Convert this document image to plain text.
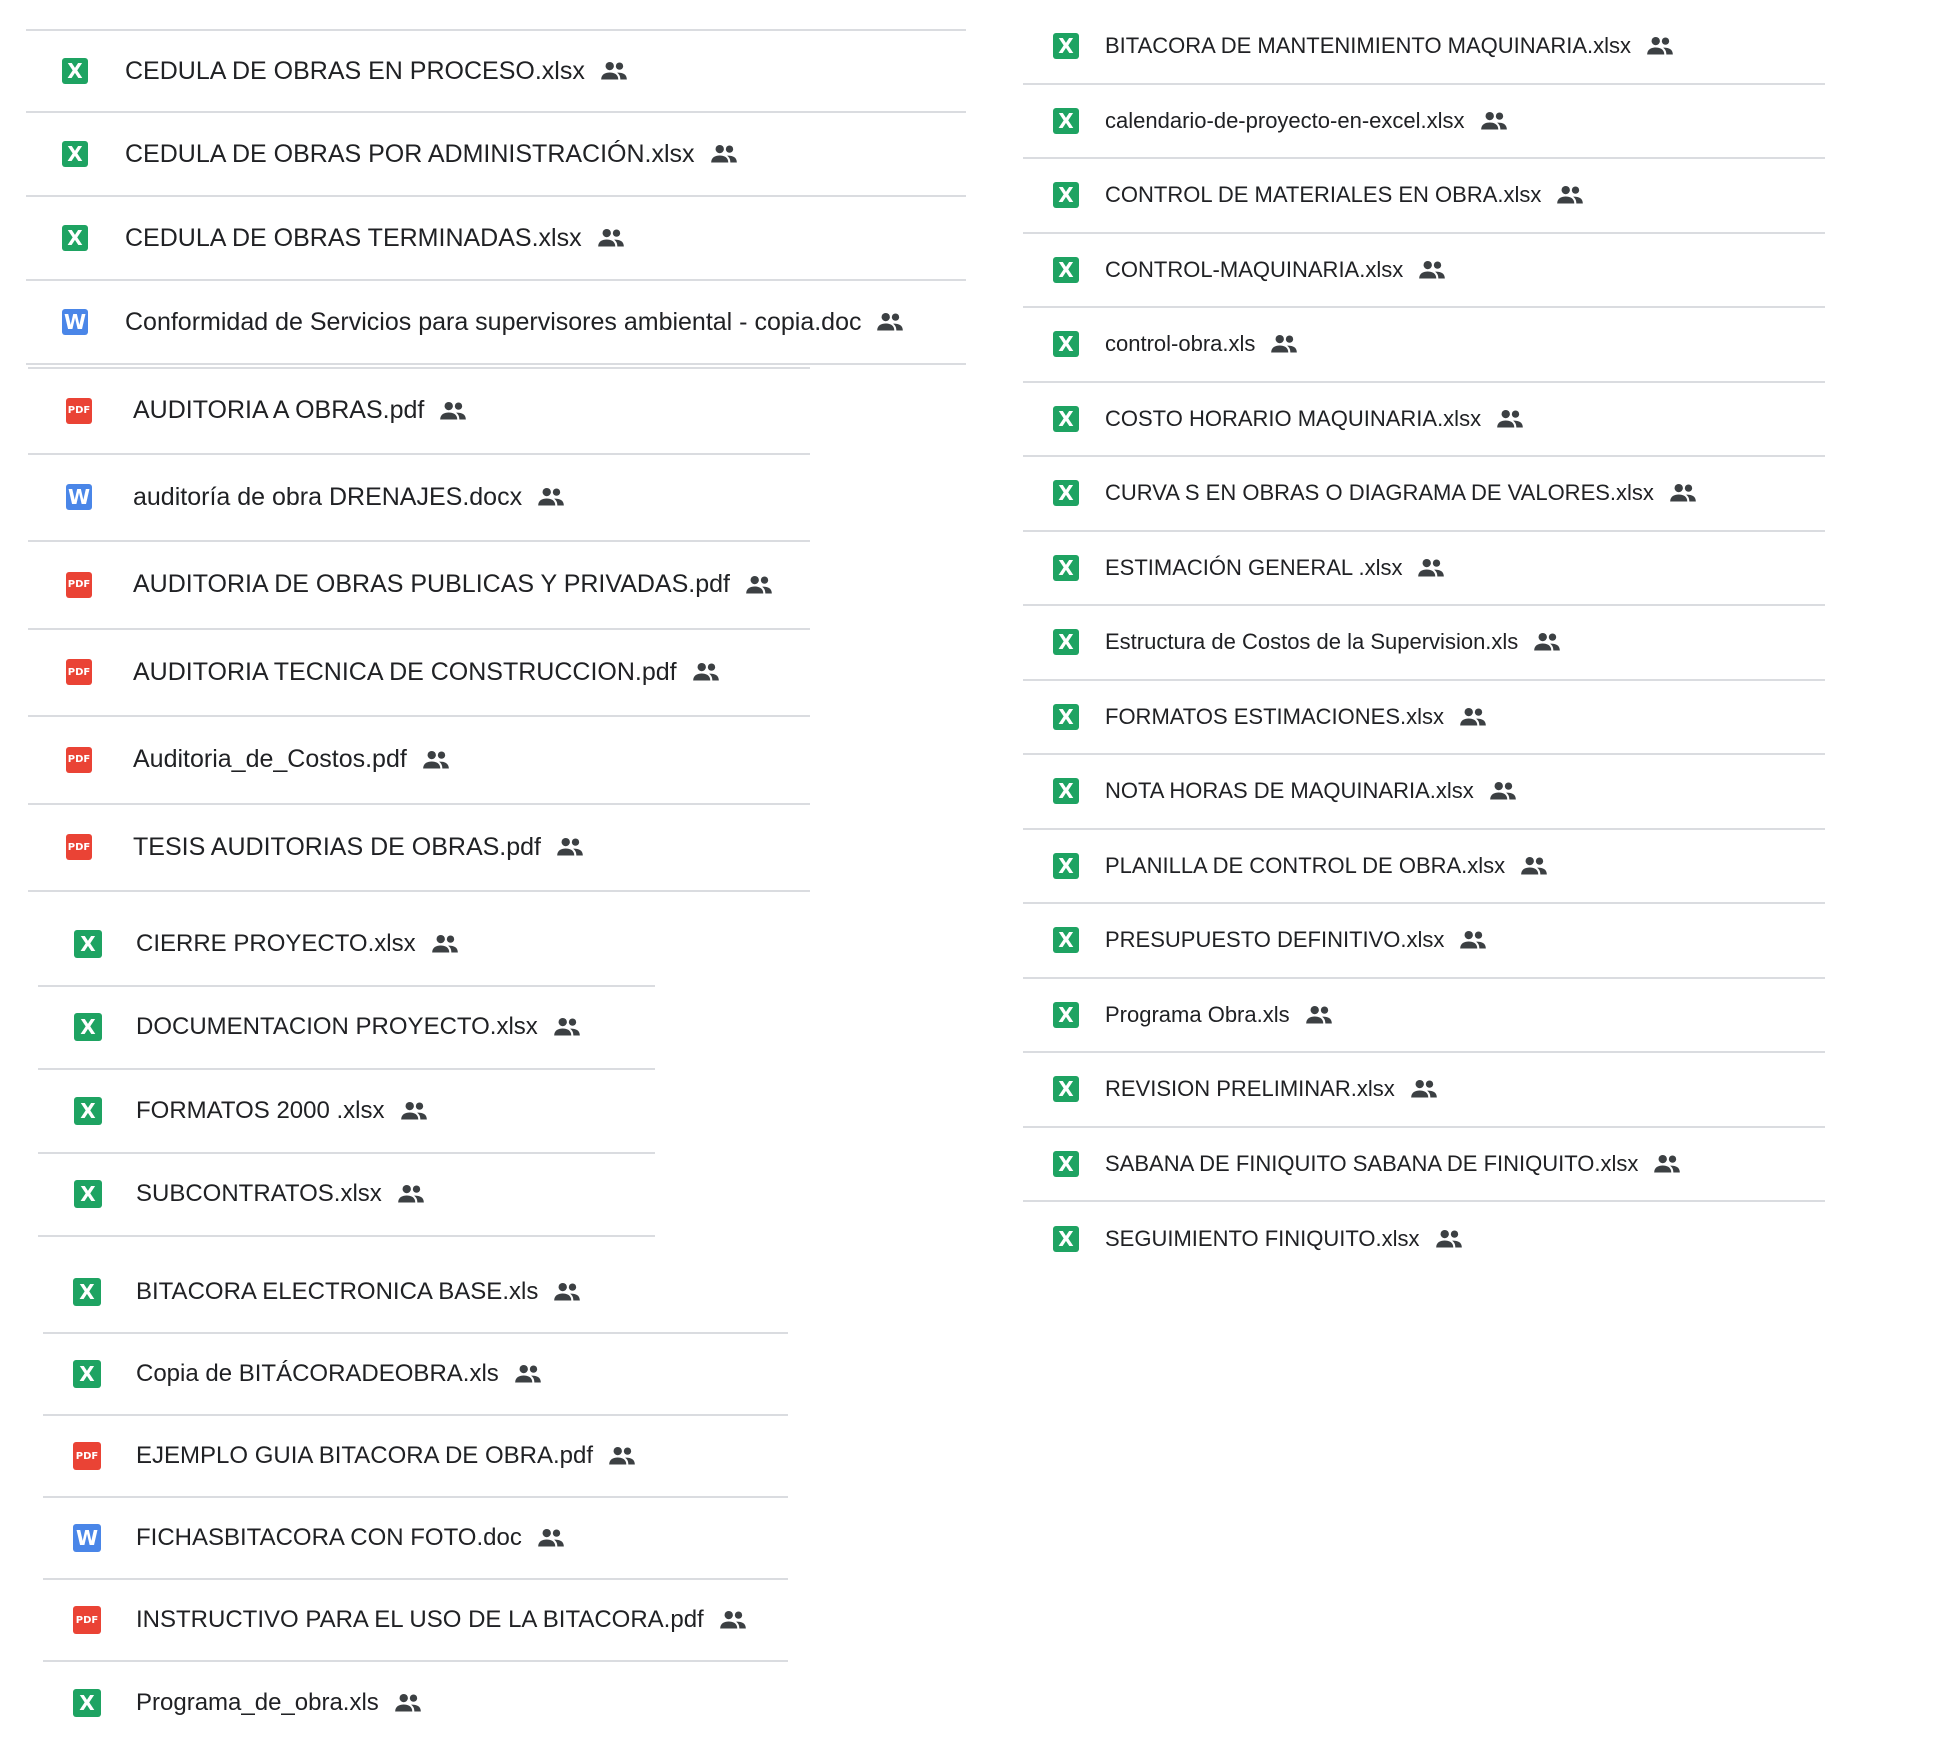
X CEDULA DE OBRAS EN PROCESO.xlsx
X CEDULA DE OBRAS POR ADMINISTRACIÓN.xlsx
X CEDULA DE OBRAS TERMINADAS.xlsx
W Conformidad de Servicios para supervisores ambiental - copia.doc
PDF AUDITORIA A OBRAS.pdf
W auditoría de obra DRENAJES.docx
PDF AUDITORIA DE OBRAS PUBLICAS Y PRIVADAS.pdf
PDF AUDITORIA TECNICA DE CONSTRUCCION.pdf
PDF Auditoria_de_Costos.pdf
PDF TESIS AUDITORIAS DE OBRAS.pdf
X CIERRE PROYECTO.xlsx
X DOCUMENTACION PROYECTO.xlsx
X FORMATOS 2000 .xlsx
X SUBCONTRATOS.xlsx
X BITACORA ELECTRONICA BASE.xls
X Copia de BITÁCORADEOBRA.xls
PDF EJEMPLO GUIA BITACORA DE OBRA.pdf
W FICHASBITACORA CON FOTO.doc
PDF INSTRUCTIVO PARA EL USO DE LA BITACORA.pdf
X Programa_de_obra.xls
X BITACORA DE MANTENIMIENTO MAQUINARIA.xlsx
X calendario-de-proyecto-en-excel.xlsx
X CONTROL DE MATERIALES EN OBRA.xlsx
X CONTROL-MAQUINARIA.xlsx
X control-obra.xls
X COSTO HORARIO MAQUINARIA.xlsx
X CURVA S EN OBRAS O DIAGRAMA DE VALORES.xlsx
X ESTIMACIÓN GENERAL .xlsx
X Estructura de Costos de la Supervision.xls
X FORMATOS ESTIMACIONES.xlsx
X NOTA HORAS DE MAQUINARIA.xlsx
X PLANILLA DE CONTROL DE OBRA.xlsx
X PRESUPUESTO DEFINITIVO.xlsx
X Programa Obra.xls
X REVISION PRELIMINAR.xlsx
X SABANA DE FINIQUITO SABANA DE FINIQUITO.xlsx
X SEGUIMIENTO FINIQUITO.xlsx
